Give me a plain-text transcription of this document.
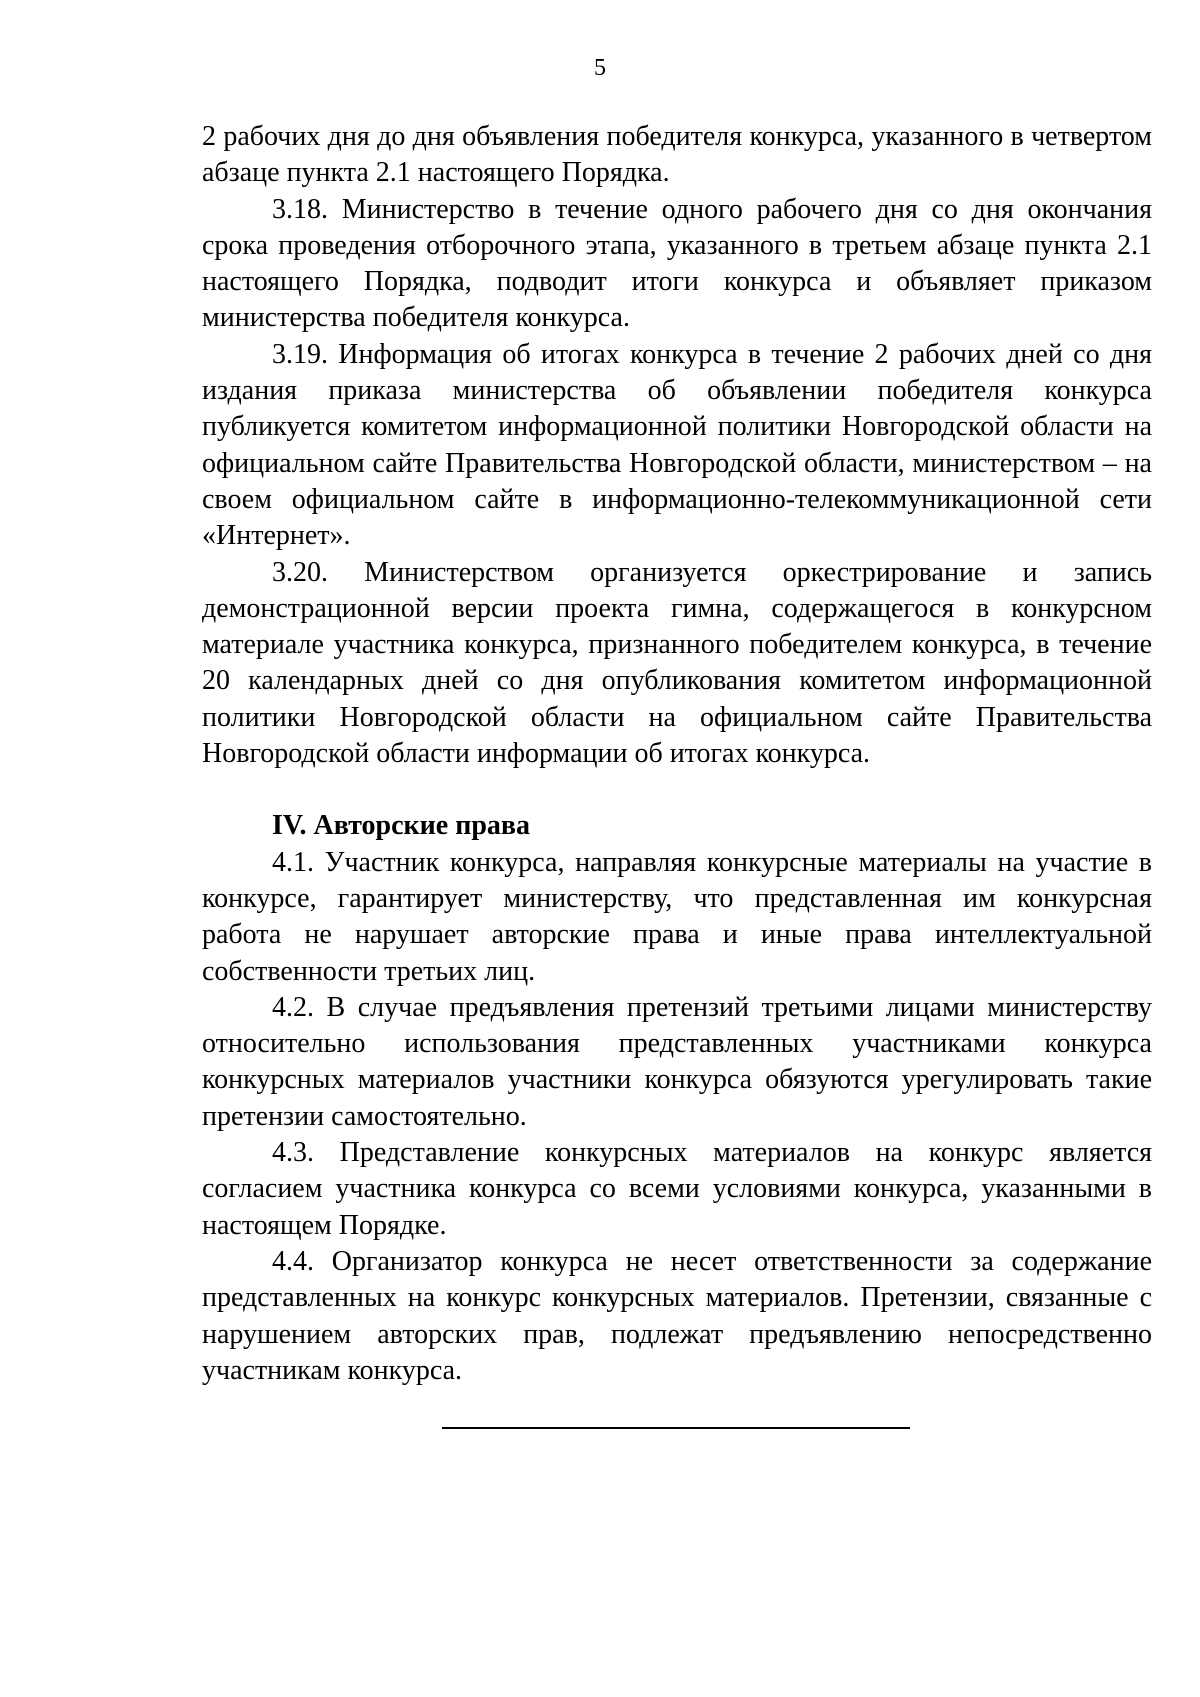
5

2 рабочих дня до дня объявления победителя конкурса, указанного в четвертом абзаце пункта 2.1 настоящего Порядка.

3.18. Министерство в течение одного рабочего дня со дня окончания срока проведения отборочного этапа, указанного в третьем абзаце пункта 2.1 настоящего Порядка, подводит итоги конкурса и объявляет приказом министерства победителя конкурса.

3.19. Информация об итогах конкурса в течение 2 рабочих дней со дня издания приказа министерства об объявлении победителя конкурса публикуется комитетом информационной политики Новгородской области на официальном сайте Правительства Новгородской области, министерством – на своем официальном сайте в информационно-телекоммуникационной сети «Интернет».

3.20. Министерством организуется оркестрирование и запись демонстрационной версии проекта гимна, содержащегося в конкурсном материале участника конкурса, признанного победителем конкурса, в течение 20 календарных дней со дня опубликования комитетом информационной политики Новгородской области на официальном сайте Правительства Новгородской области информации об итогах конкурса.

IV. Авторские права

4.1. Участник конкурса, направляя конкурсные материалы на участие в конкурсе, гарантирует министерству, что представленная им конкурсная работа не нарушает авторские права и иные права интеллектуальной собственности третьих лиц.

4.2. В случае предъявления претензий третьими лицами министерству относительно использования представленных участниками конкурса конкурсных материалов участники конкурса обязуются урегулировать такие претензии самостоятельно.

4.3. Представление конкурсных материалов на конкурс является согласием участника конкурса со всеми условиями конкурса, указанными в настоящем Порядке.

4.4. Организатор конкурса не несет ответственности за содержание представленных на конкурс конкурсных материалов. Претензии, связанные с нарушением авторских прав, подлежат предъявлению непосредственно участникам конкурса.
